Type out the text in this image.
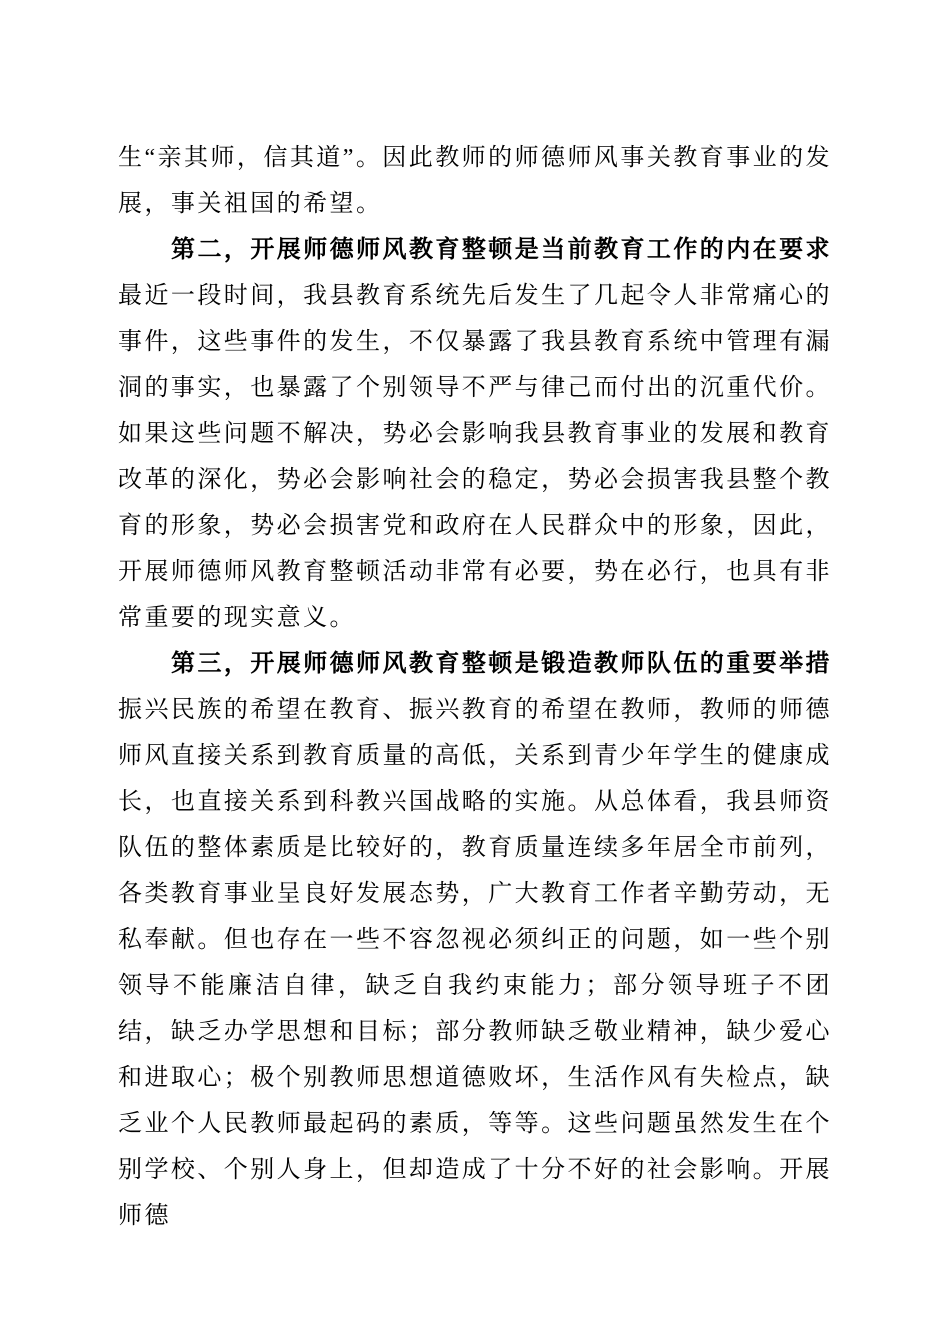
生“亲其师，信其道”。因此教师的师德师风事关教育事业的发展，事关祖国的希望。

第二，开展师德师风教育整顿是当前教育工作的内在要求

最近一段时间，我县教育系统先后发生了几起令人非常痛心的事件，这些事件的发生，不仅暴露了我县教育系统中管理有漏洞的事实，也暴露了个别领导不严与律己而付出的沉重代价。如果这些问题不解决，势必会影响我县教育事业的发展和教育改革的深化，势必会影响社会的稳定，势必会损害我县整个教育的形象，势必会损害党和政府在人民群众中的形象，因此，开展师德师风教育整顿活动非常有必要，势在必行，也具有非常重要的现实意义。

第三，开展师德师风教育整顿是锻造教师队伍的重要举措

振兴民族的希望在教育、振兴教育的希望在教师，教师的师德师风直接关系到教育质量的高低，关系到青少年学生的健康成长，也直接关系到科教兴国战略的实施。从总体看，我县师资队伍的整体素质是比较好的，教育质量连续多年居全市前列，各类教育事业呈良好发展态势，广大教育工作者辛勤劳动，无私奉献。但也存在一些不容忽视必须纠正的问题，如一些个别领导不能廉洁自律，缺乏自我约束能力；部分领导班子不团结，缺乏办学思想和目标；部分教师缺乏敬业精神，缺少爱心和进取心；极个别教师思想道德败坏，生活作风有失检点，缺乏业个人民教师最起码的素质，等等。这些问题虽然发生在个别学校、个别人身上，但却造成了十分不好的社会影响。开展师德
